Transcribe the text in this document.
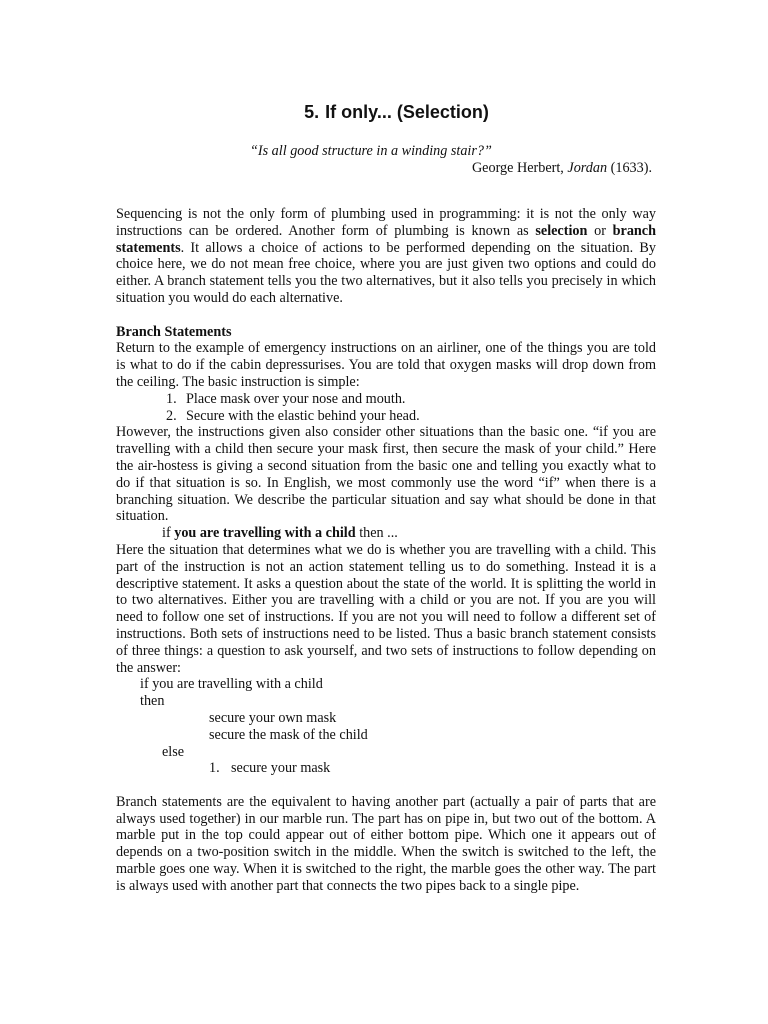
5. If only... (Selection)
“Is all good structure in a winding stair?”
George Herbert, Jordan (1633).

Sequencing is not the only form of plumbing used in programming: it is not the only way instructions can be ordered. Another form of plumbing is known as selection or branch statements. It allows a choice of actions to be performed depending on the situation. By choice here, we do not mean free choice, where you are just given two options and could do either. A branch statement tells you the two alternatives, but it also tells you precisely in which situation you would do each alternative.

Branch Statements

Return to the example of emergency instructions on an airliner, one of the things you are told is what to do if the cabin depressurises. You are told that oxygen masks will drop down from the ceiling. The basic instruction is simple:

1. Place mask over your nose and mouth.
2. Secure with the elastic behind your head.

However, the instructions given also consider other situations than the basic one. “if you are travelling with a child then secure your mask first, then secure the mask of your child.” Here the air-hostess is giving a second situation from the basic one and telling you exactly what to do if that situation is so. In English, we most commonly use the word “if” when there is a branching situation. We describe the particular situation and say what should be done in that situation.

if you are travelling with a child then ...

Here the situation that determines what we do is whether you are travelling with a child. This part of the instruction is not an action statement telling us to do something. Instead it is a descriptive statement. It asks a question about the state of the world. It is splitting the world in to two alternatives. Either you are travelling with a child or you are not. If you are you will need to follow one set of instructions. If you are not you will need to follow a different set of instructions. Both sets of instructions need to be listed. Thus a basic branch statement consists of three things: a question to ask yourself, and two sets of instructions to follow depending on the answer:

if you are travelling with a child
then
secure your own mask
secure the mask of the child
else
1. secure your mask

Branch statements are the equivalent to having another part (actually a pair of parts that are always used together) in our marble run. The part has on pipe in, but two out of the bottom. A marble put in the top could appear out of either bottom pipe. Which one it appears out of depends on a two-position switch in the middle. When the switch is switched to the left, the marble goes one way. When it is switched to the right, the marble goes the other way. The part is always used with another part that connects the two pipes back to a single pipe.
